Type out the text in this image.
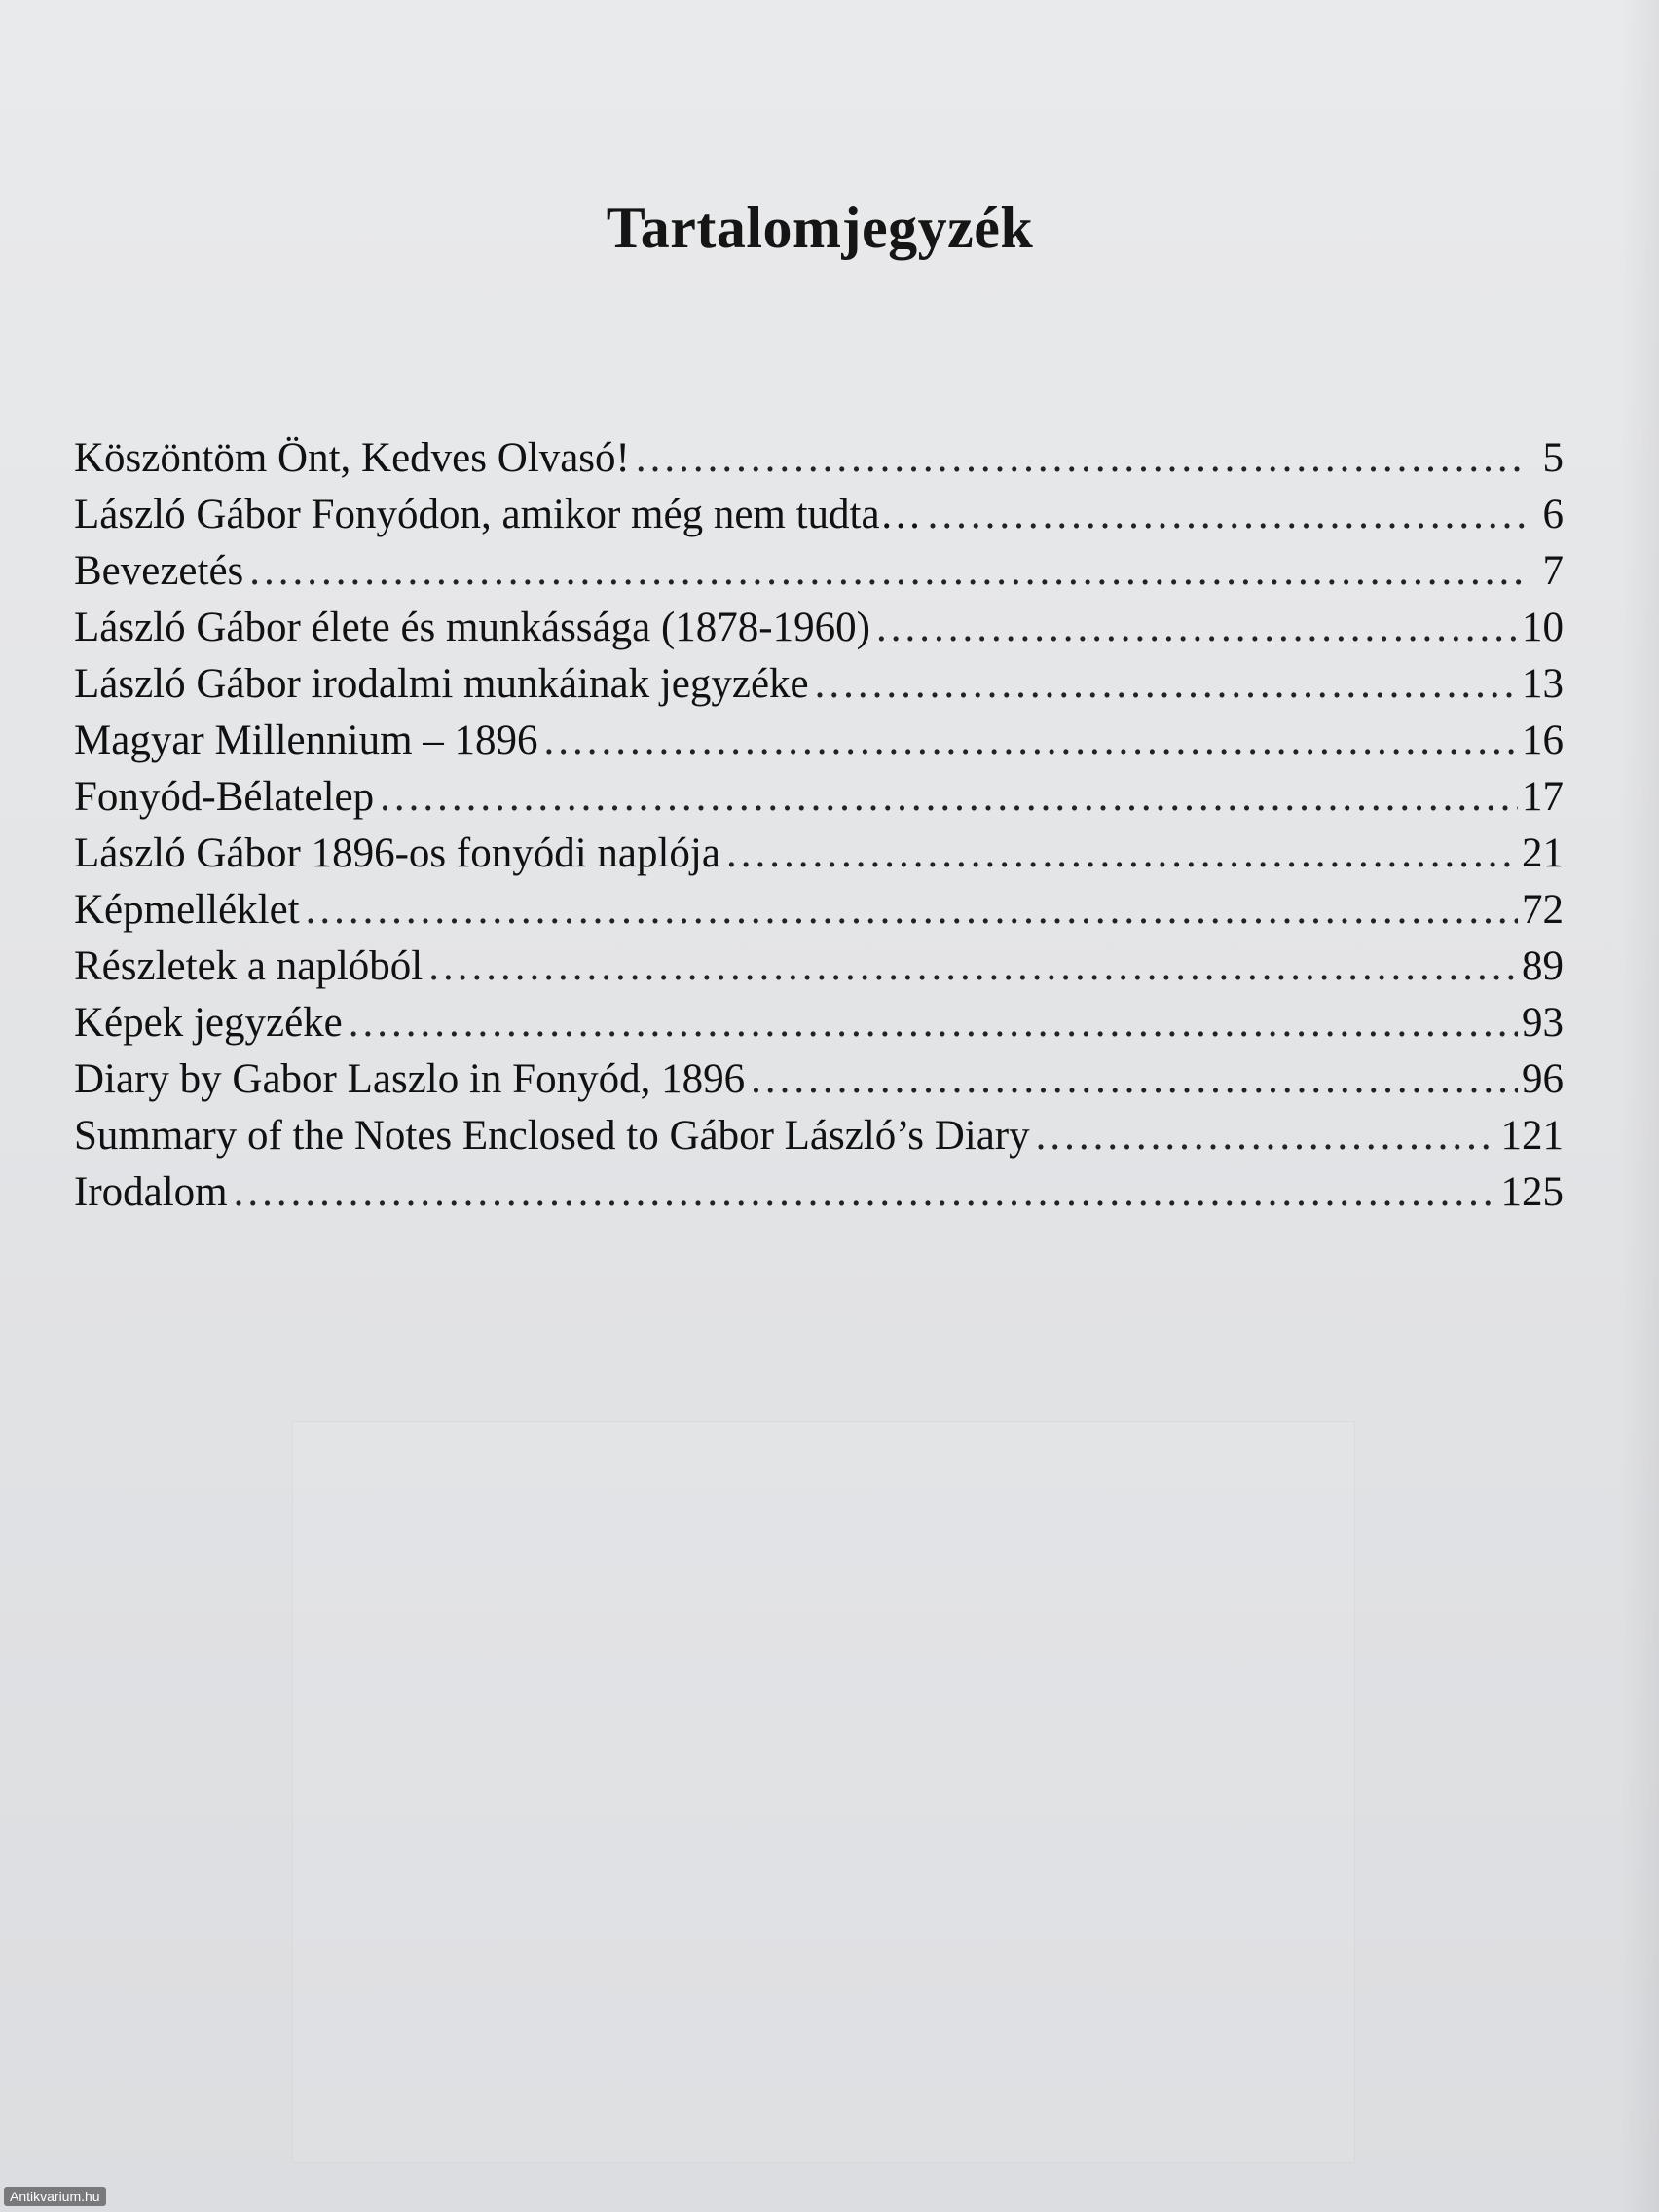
Tartalomjegyzék
Köszöntöm Önt, Kedves Olvasó! .....	5
László Gábor Fonyódon, amikor még nem tudta… .....	6
Bevezetés .....	7
László Gábor élete és munkássága (1878-1960) .....	10
László Gábor irodalmi munkáinak jegyzéke .....	13
Magyar Millennium – 1896 .....	16
Fonyód-Bélatelep .....	17
László Gábor 1896-os fonyódi naplója .....	21
Képmelléklet .....	72
Részletek a naplóból .....	89
Képek jegyzéke .....	93
Diary by Gabor Laszlo in Fonyód, 1896 .....	96
Summary of the Notes Enclosed to Gábor László’s Diary .....	121
Irodalom .....	125
Antikvarium.hu
